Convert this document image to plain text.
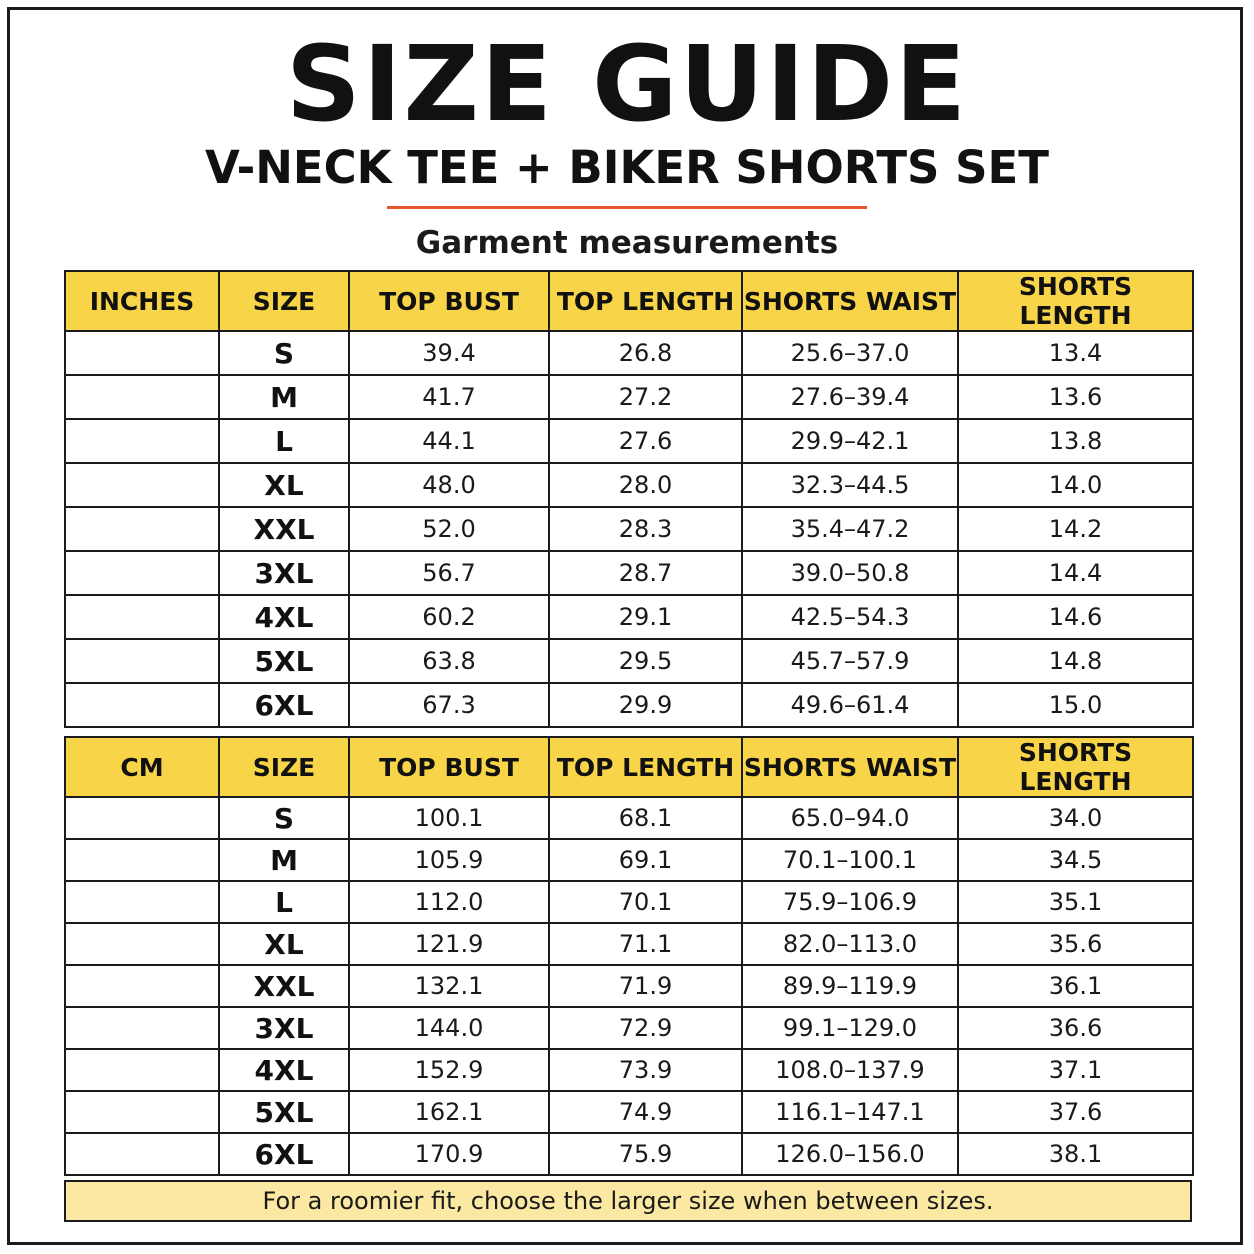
SIZE GUIDE
V-NECK TEE + BIKER SHORTS SET
Garment measurements
INCHES	SIZE	TOP BUST	TOP LENGTH	SHORTS WAIST	SHORTS LENGTH
	S	39.4	26.8	25.6–37.0	13.4
	M	41.7	27.2	27.6–39.4	13.6
	L	44.1	27.6	29.9–42.1	13.8
	XL	48.0	28.0	32.3–44.5	14.0
	XXL	52.0	28.3	35.4–47.2	14.2
	3XL	56.7	28.7	39.0–50.8	14.4
	4XL	60.2	29.1	42.5–54.3	14.6
	5XL	63.8	29.5	45.7–57.9	14.8
	6XL	67.3	29.9	49.6–61.4	15.0
CM	SIZE	TOP BUST	TOP LENGTH	SHORTS WAIST	SHORTS LENGTH
	S	100.1	68.1	65.0–94.0	34.0
	M	105.9	69.1	70.1–100.1	34.5
	L	112.0	70.1	75.9–106.9	35.1
	XL	121.9	71.1	82.0–113.0	35.6
	XXL	132.1	71.9	89.9–119.9	36.1
	3XL	144.0	72.9	99.1–129.0	36.6
	4XL	152.9	73.9	108.0–137.9	37.1
	5XL	162.1	74.9	116.1–147.1	37.6
	6XL	170.9	75.9	126.0–156.0	38.1
For a roomier fit, choose the larger size when between sizes.
